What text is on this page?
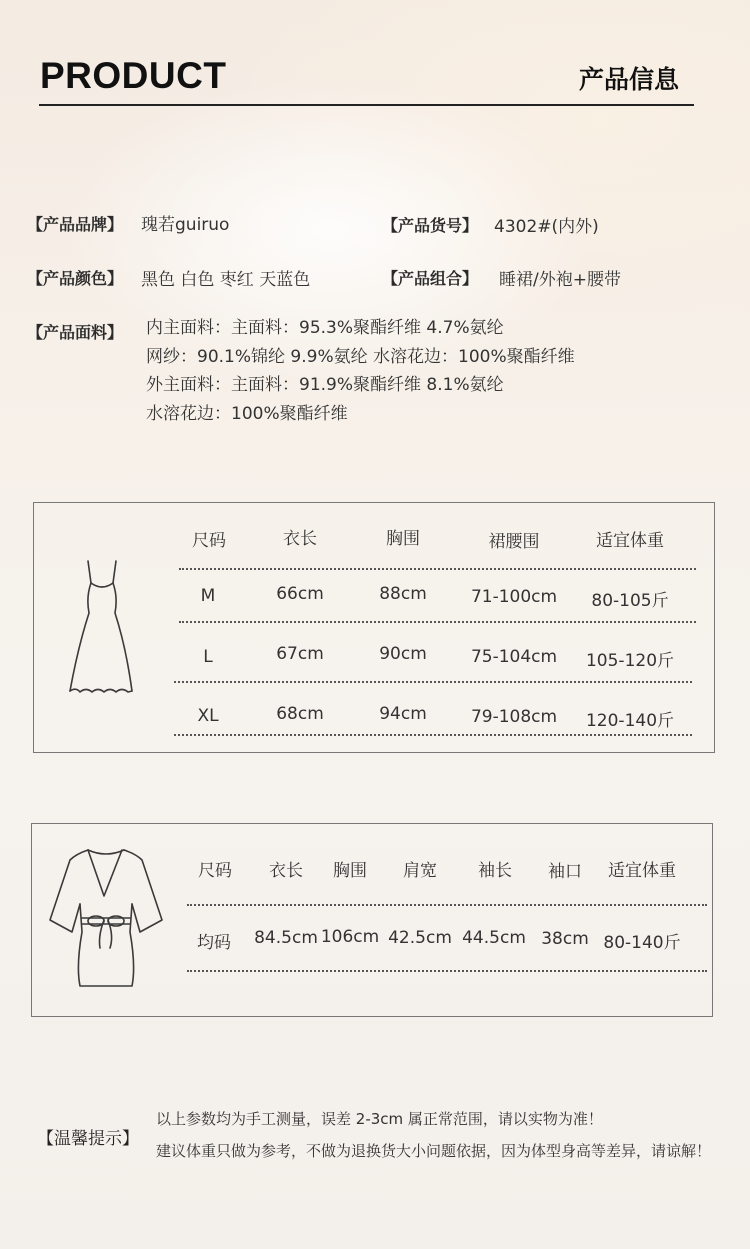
PRODUCT	产品信息
【产品品牌】 瑰若guiruo	【产品货号】 4302#(内外)
【产品颜色】 黑色 白色 枣红 天蓝色	【产品组合】 睡裙/外袍+腰带
【产品面料】 内主面料：主面料：95.3%聚酯纤维 4.7%氨纶
网纱：90.1%锦纶 9.9%氨纶 水溶花边：100%聚酯纤维
外主面料：主面料：91.9%聚酯纤维 8.1%氨纶
水溶花边：100%聚酯纤维
尺码	衣长	胸围	裙腰围	适宜体重
M	66cm	88cm	71-100cm 80-105斤
L	67cm	90cm	75-104cm 105-120斤
XL	68cm	94cm	79-108cm 120-140斤
尺码 衣长 胸围 肩宽 袖长 袖口 适宜体重
均码 84.5cm 106cm 42.5cm 44.5cm 38cm 80-140斤
【温馨提示】
以上参数均为手工测量，误差 2-3cm 属正常范围，请以实物为准！
建议体重只做为参考，不做为退换货大小问题依据，因为体型身高等差异，请谅解！
